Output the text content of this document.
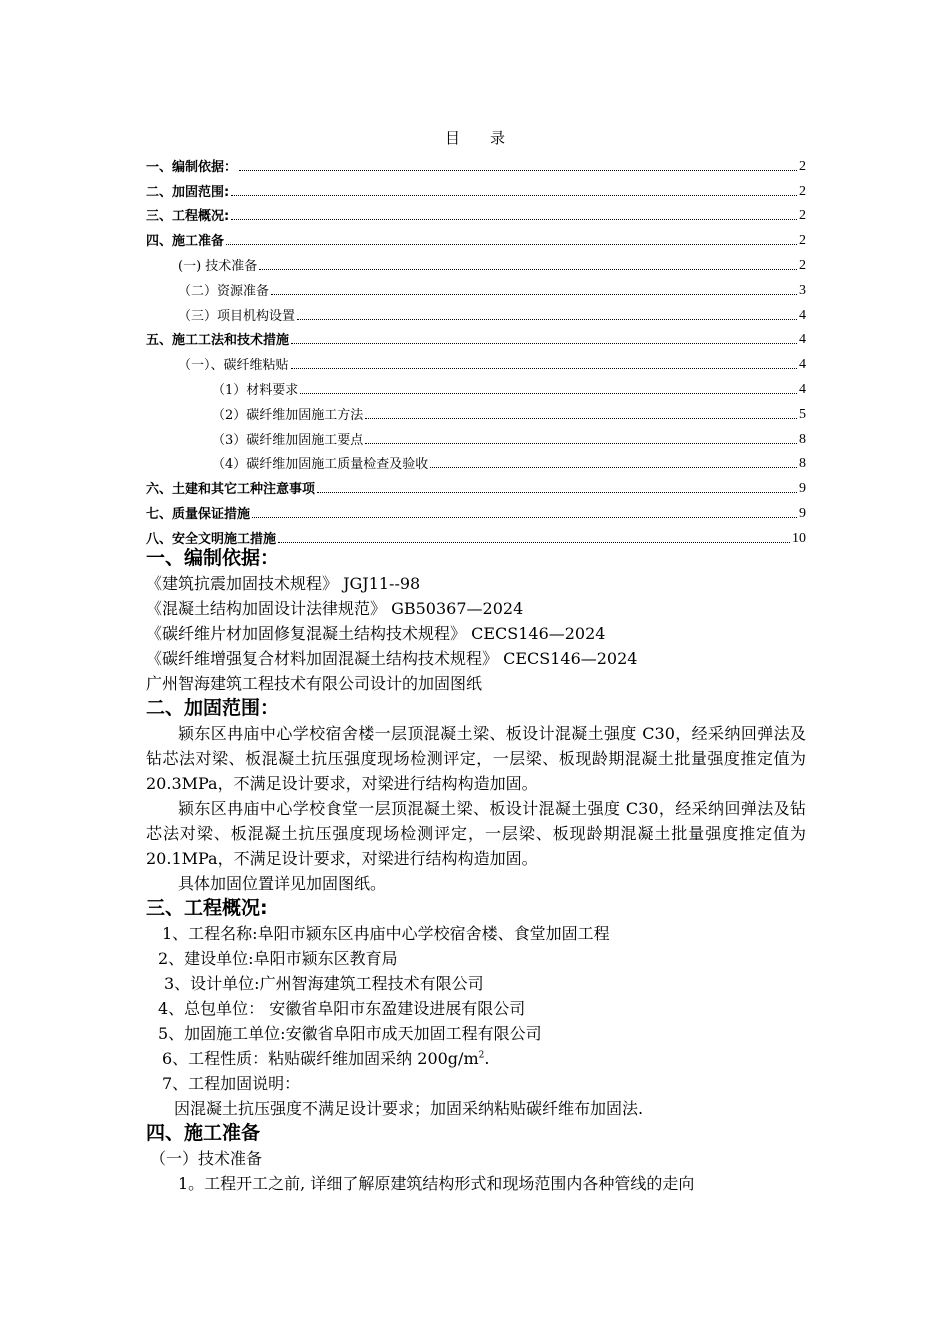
目 录
一、编制依据：	2
二、加固范围:	2
三、工程概况:	2
四、施工准备	2
(一) 技术准备	2
（二）资源准备	3
（三）项目机构设置	4
五、施工工法和技术措施	4
（一）、碳纤维粘贴	4
（1）材料要求	4
（2）碳纤维加固施工方法	5
（3）碳纤维加固施工要点	8
（4）碳纤维加固施工质量检查及验收	8
六、土建和其它工种注意事项	9
七、质量保证措施	9
八、安全文明施工措施	10
一、编制依据：

《建筑抗震加固技术规程》 JGJ11--98

《混凝土结构加固设计法律规范》 GB50367—2024

《碳纤维片材加固修复混凝土结构技术规程》 CECS146—2024

《碳纤维增强复合材料加固混凝土结构技术规程》 CECS146—2024

广州智海建筑工程技术有限公司设计的加固图纸

二、加固范围：

颍东区冉庙中心学校宿舍楼一层顶混凝土梁、板设计混凝土强度 C30，经采纳回弹法及钻芯法对梁、板混凝土抗压强度现场检测评定，一层梁、板现龄期混凝土批量强度推定值为20.3MPa，不满足设计要求，对梁进行结构构造加固。

颍东区冉庙中心学校食堂一层顶混凝土梁、板设计混凝土强度 C30，经采纳回弹法及钻芯法对梁、板混凝土抗压强度现场检测评定，一层梁、板现龄期混凝土批量强度推定值为20.1MPa，不满足设计要求，对梁进行结构构造加固。

具体加固位置详见加固图纸。

三、工程概况:

1、工程名称:阜阳市颍东区冉庙中心学校宿舍楼、食堂加固工程

2、建设单位:阜阳市颍东区教育局

3、设计单位:广州智海建筑工程技术有限公司

4、总包单位： 安徽省阜阳市东盈建设进展有限公司

5、加固施工单位:安徽省阜阳市成天加固工程有限公司

6、工程性质：粘贴碳纤维加固采纳 $200g/m^2$.

7、工程加固说明：

因混凝土抗压强度不满足设计要求；加固采纳粘贴碳纤维布加固法.

四、施工准备

（一）技术准备

1。工程开工之前, 详细了解原建筑结构形式和现场范围内各种管线的走向
